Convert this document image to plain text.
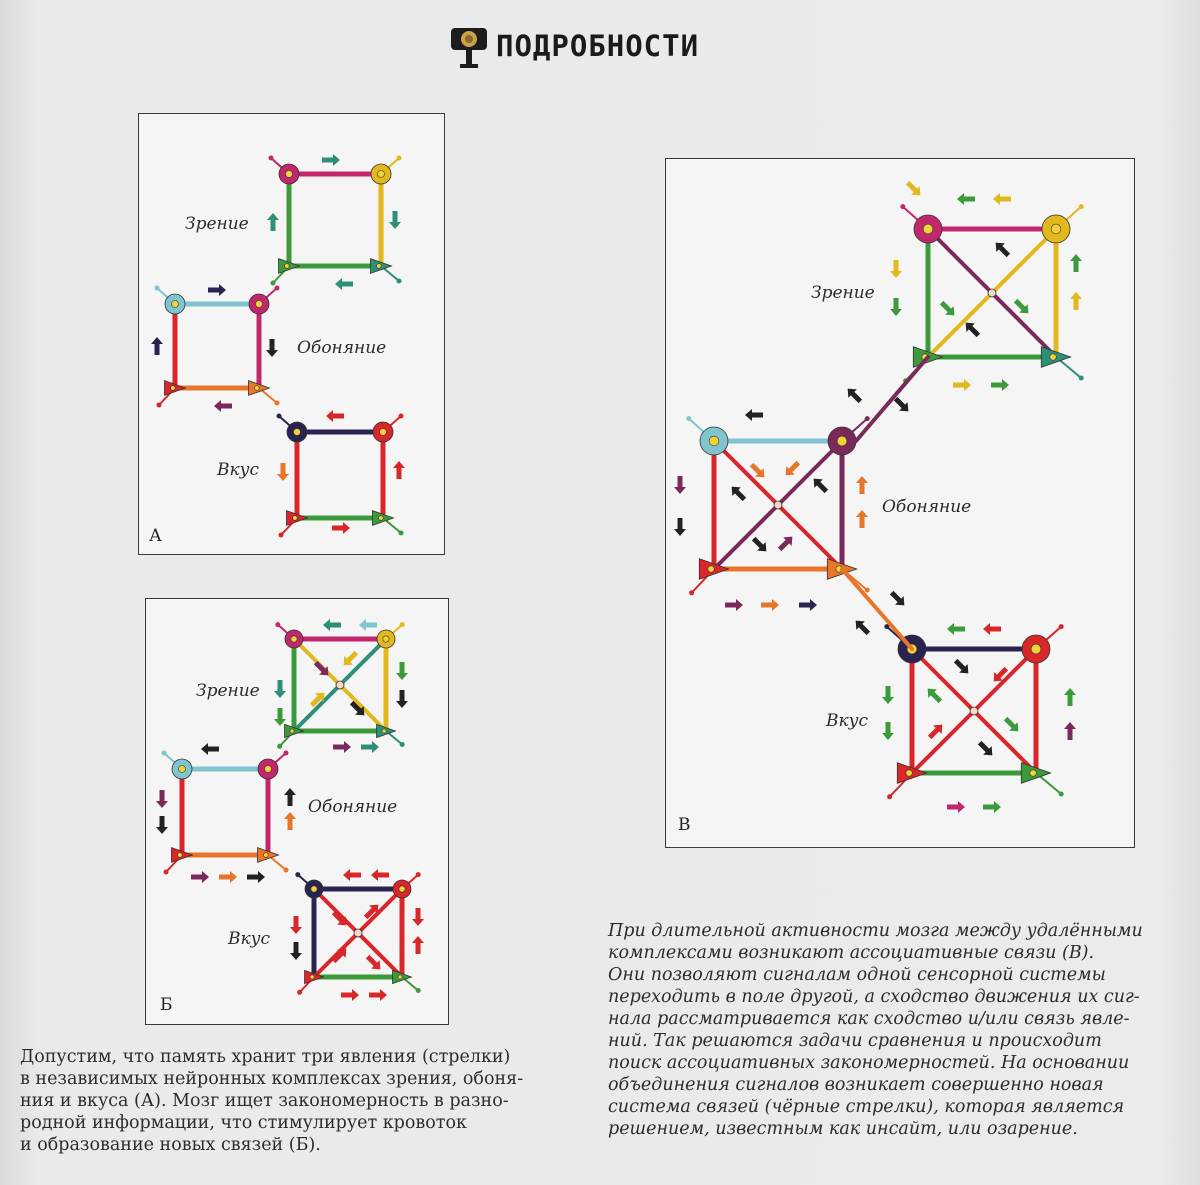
ПОДРОБНОСТИ
Зрение
Обоняние
Вкус
А
Зрение
Обоняние
Вкус
Б
Зрение
Обоняние
Вкус
В
Допустим, что память хранит три явления (стрелки)
в независимых нейронных комплексах зрения, обоня-
ния и вкуса (А). Мозг ищет закономерность в разно-
родной информации, что стимулирует кровоток
и образование новых связей (Б).
При длительной активности мозга между удалёнными
комплексами возникают ассоциативные связи (В).
Они позволяют сигналам одной сенсорной системы
переходить в поле другой, а сходство движения их сиг-
нала рассматривается как сходство и/или связь явле-
ний. Так решаются задачи сравнения и происходит
поиск ассоциативных закономерностей. На основании
объединения сигналов возникает совершенно новая
система связей (чёрные стрелки), которая является
решением, известным как инсайт, или озарение.
